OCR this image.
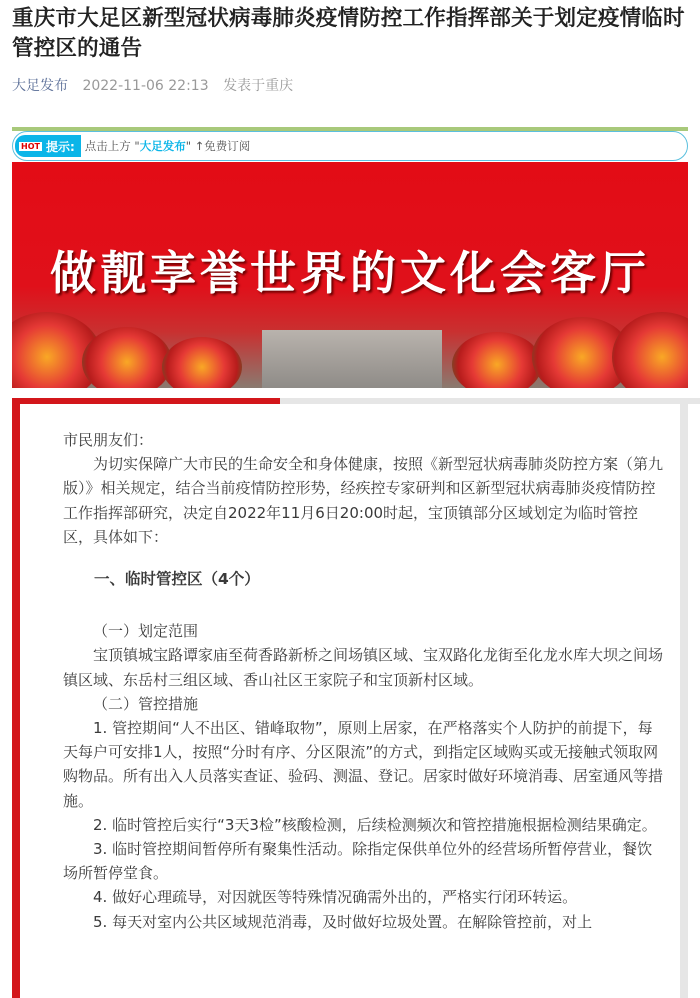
重庆市大足区新型冠状病毒肺炎疫情防控工作指挥部关于划定疫情临时管控区的通告
大足发布 2022-11-06 22:13 发表于重庆
HOT 提示: 点击上方 "大足发布" ↑免费订阅
做靓享誉世界的文化会客厅

市民朋友们：

为切实保障广大市民的生命安全和身体健康，按照《新型冠状病毒肺炎防控方案（第九版）》相关规定，结合当前疫情防控形势，经疾控专家研判和区新型冠状病毒肺炎疫情防控工作指挥部研究，决定自2022年11月6日20:00时起，宝顶镇部分区域划定为临时管控区，具体如下：

一、临时管控区（4个）

（一）划定范围

宝顶镇城宝路谭家庙至荷香路新桥之间场镇区域、宝双路化龙街至化龙水库大坝之间场镇区域、东岳村三组区域、香山社区王家院子和宝顶新村区域。

（二）管控措施

1. 管控期间“人不出区、错峰取物”，原则上居家，在严格落实个人防护的前提下，每天每户可安排1人，按照“分时有序、分区限流”的方式，到指定区域购买或无接触式领取网购物品。所有出入人员落实查证、验码、测温、登记。居家时做好环境消毒、居室通风等措施。

2. 临时管控后实行“3天3检”核酸检测，后续检测频次和管控措施根据检测结果确定。

3. 临时管控期间暂停所有聚集性活动。除指定保供单位外的经营场所暂停营业，餐饮场所暂停堂食。

4. 做好心理疏导，对因就医等特殊情况确需外出的，严格实行闭环转运。

5. 每天对室内公共区域规范消毒，及时做好垃圾处置。在解除管控前，对上
